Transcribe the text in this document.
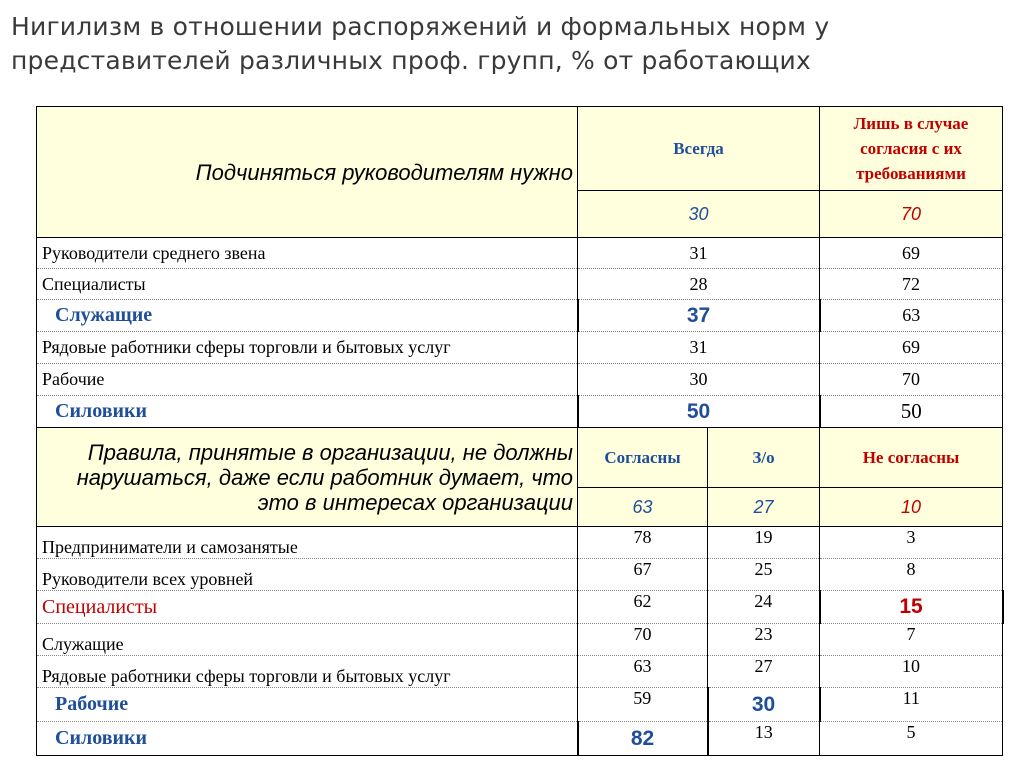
Нигилизм в отношении распоряжений и формальных норм у представителей различных проф. групп, % от работающих
Подчиняться руководителям нужно	Всегда		Лишь в случае согласия с их требованиями
	30		70
Руководители среднего звена	31		69
Специалисты	28		72
Служащие	37		63
Рядовые работники сферы торговли и бытовых услуг	31		69
Рабочие	30		70
Силовики	50		50
Правила, принятые в организации, не должны нарушаться, даже если работник думает, что это в интересах организации	Согласны	З/о	Не согласны
	63	27	10
Предприниматели и самозанятые	78	19	3
Руководители всех уровней	67	25	8
Специалисты	62	24	15
Служащие	70	23	7
Рядовые работники сферы торговли и бытовых услуг	63	27	10
Рабочие	59	30	11
Силовики	82	13	5
